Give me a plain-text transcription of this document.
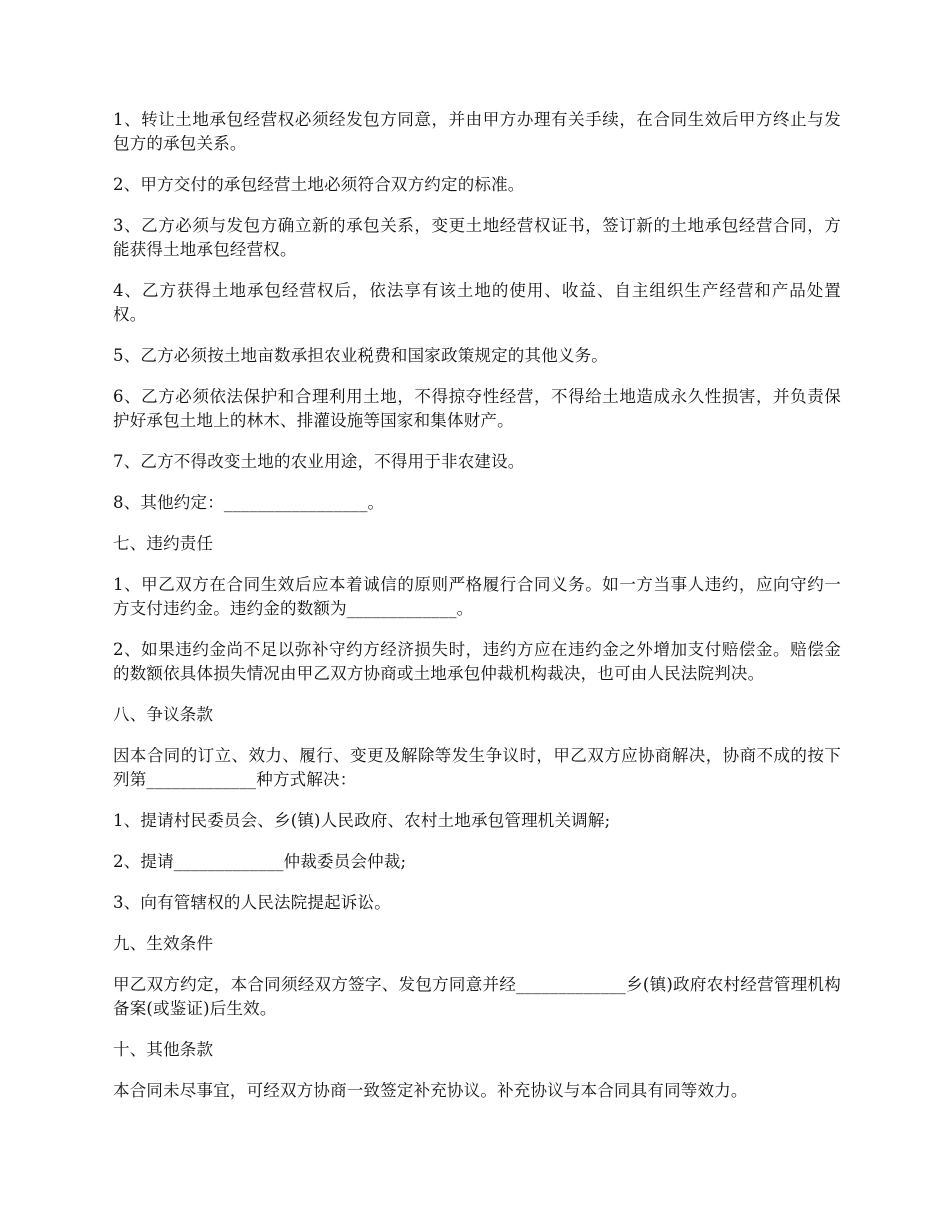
1、转让土地承包经营权必须经发包方同意，并由甲方办理有关手续，在合同生效后甲方终止与发包方的承包关系。

2、甲方交付的承包经营土地必须符合双方约定的标准。

3、乙方必须与发包方确立新的承包关系，变更土地经营权证书，签订新的土地承包经营合同，方能获得土地承包经营权。

4、乙方获得土地承包经营权后，依法享有该土地的使用、收益、自主组织生产经营和产品处置权。

5、乙方必须按土地亩数承担农业税费和国家政策规定的其他义务。

6、乙方必须依法保护和合理利用土地，不得掠夺性经营，不得给土地造成永久性损害，并负责保护好承包土地上的林木、排灌设施等国家和集体财产。

7、乙方不得改变土地的农业用途，不得用于非农建设。

8、其他约定：_________________。

七、违约责任

1、甲乙双方在合同生效后应本着诚信的原则严格履行合同义务。如一方当事人违约，应向守约一方支付违约金。违约金的数额为_____________。

2、如果违约金尚不足以弥补守约方经济损失时，违约方应在违约金之外增加支付赔偿金。赔偿金的数额依具体损失情况由甲乙双方协商或土地承包仲裁机构裁决，也可由人民法院判决。

八、争议条款

因本合同的订立、效力、履行、变更及解除等发生争议时，甲乙双方应协商解决，协商不成的按下列第_____________种方式解决：

1、提请村民委员会、乡(镇)人民政府、农村土地承包管理机关调解;

2、提请_____________仲裁委员会仲裁;

3、向有管辖权的人民法院提起诉讼。

九、生效条件

甲乙双方约定，本合同须经双方签字、发包方同意并经_____________乡(镇)政府农村经营管理机构备案(或鉴证)后生效。

十、其他条款

本合同未尽事宜，可经双方协商一致签定补充协议。补充协议与本合同具有同等效力。
